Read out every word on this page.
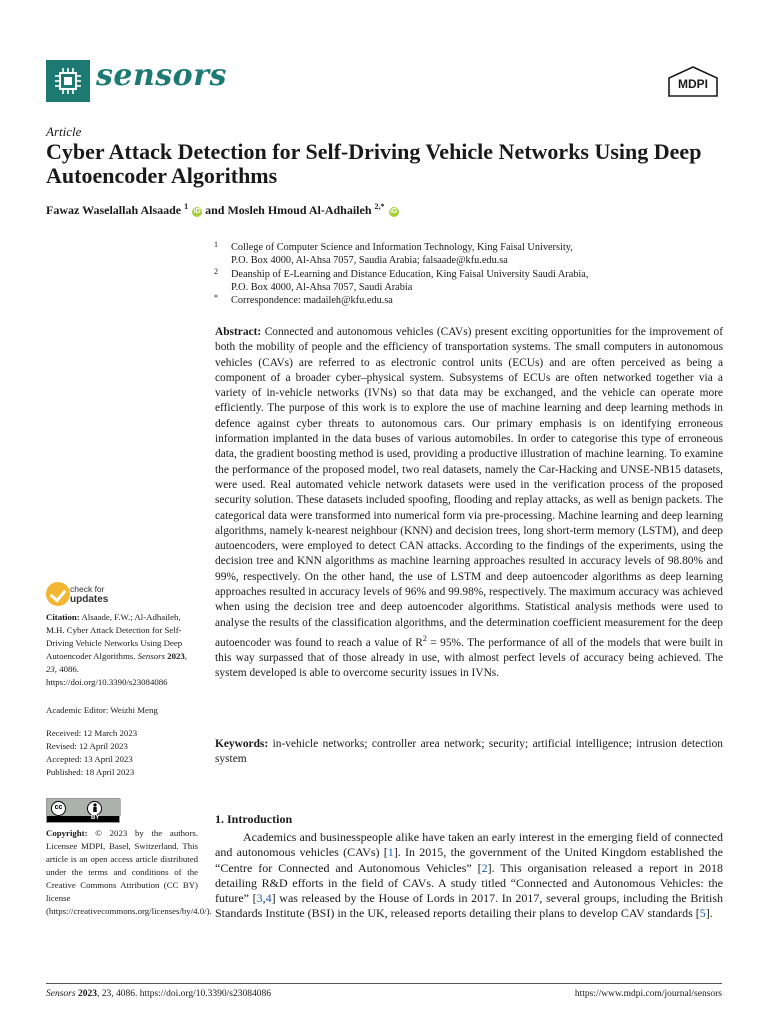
sensors	MDPI
Article
Cyber Attack Detection for Self-Driving Vehicle Networks Using Deep Autoencoder Algorithms
Fawaz Waselallah Alsaade $^1$ iD and Mosleh Hmoud Al-Adhaileh $^{2,*}$ iD
1 College of Computer Science and Information Technology, King Faisal University,
P.O. Box 4000, Al-Ahsa 7057, Saudia Arabia; falsaade@kfu.edu.sa
2 Deanship of E-Learning and Distance Education, King Faisal University Saudi Arabia,
P.O. Box 4000, Al-Ahsa 7057, Saudi Arabia
* Correspondence: madaileh@kfu.edu.sa
Abstract: Connected and autonomous vehicles (CAVs) present exciting opportunities for the improvement of both the mobility of people and the efficiency of transportation systems. The small computers in autonomous vehicles (CAVs) are referred to as electronic control units (ECUs) and are often perceived as being a component of a broader cyber–physical system. Subsystems of ECUs are often networked together via a variety of in-vehicle networks (IVNs) so that data may be exchanged, and the vehicle can operate more efficiently. The purpose of this work is to explore the use of machine learning and deep learning methods in defence against cyber threats to autonomous cars. Our primary emphasis is on identifying erroneous information implanted in the data buses of various automobiles. In order to categorise this type of erroneous data, the gradient boosting method is used, providing a productive illustration of machine learning. To examine the performance of the proposed model, two real datasets, namely the Car-Hacking and UNSE-NB15 datasets, were used. Real automated vehicle network datasets were used in the verification process of the proposed security solution. These datasets included spoofing, flooding and replay attacks, as well as benign packets. The categorical data were transformed into numerical form via pre-processing. Machine learning and deep learning algorithms, namely k-nearest neighbour (KNN) and decision trees, long short-term memory (LSTM), and deep autoencoders, were employed to detect CAN attacks. According to the findings of the experiments, using the decision tree and KNN algorithms as machine learning approaches resulted in accuracy levels of 98.80% and 99%, respectively. On the other hand, the use of LSTM and deep autoencoder algorithms as deep learning approaches resulted in accuracy levels of 96% and 99.98%, respectively. The maximum accuracy was achieved when using the decision tree and deep autoencoder algorithms. Statistical analysis methods were used to analyse the results of the classification algorithms, and the determination coefficient measurement for the deep autoencoder was found to reach a value of $R^2 = 95\%$. The performance of all of the models that were built in this way surpassed that of those already in use, with almost perfect levels of accuracy being achieved. The system developed is able to overcome security issues in IVNs.
Keywords: in-vehicle networks; controller area network; security; artificial intelligence; intrusion detection system
check for
updates
Citation: Alsaade, F.W.; Al-Adhaileh, M.H. Cyber Attack Detection for Self-Driving Vehicle Networks Using Deep Autoencoder Algorithms. Sensors 2023, 23, 4086. https://doi.org/10.3390/s23084086
Academic Editor: Weizhi Meng
Received: 12 March 2023
Revised: 12 April 2023
Accepted: 13 April 2023
Published: 18 April 2023
cc
BY
Copyright: © 2023 by the authors. Licensee MDPI, Basel, Switzerland. This article is an open access article distributed under the terms and conditions of the Creative Commons Attribution (CC BY) license (https://creativecommons.org/licenses/by/4.0/).
1. Introduction
Academics and businesspeople alike have taken an early interest in the emerging field of connected and autonomous vehicles (CAVs) [1]. In 2015, the government of the United Kingdom established the “Centre for Connected and Autonomous Vehicles” [2]. This organisation released a report in 2018 detailing R&D efforts in the field of CAVs. A study titled “Connected and Autonomous Vehicles: the future” [3,4] was released by the House of Lords in 2017. In 2017, several groups, including the British Standards Institute (BSI) in the UK, released reports detailing their plans to develop CAV standards [5].
Sensors 2023, 23, 4086. https://doi.org/10.3390/s23084086	https://www.mdpi.com/journal/sensors
